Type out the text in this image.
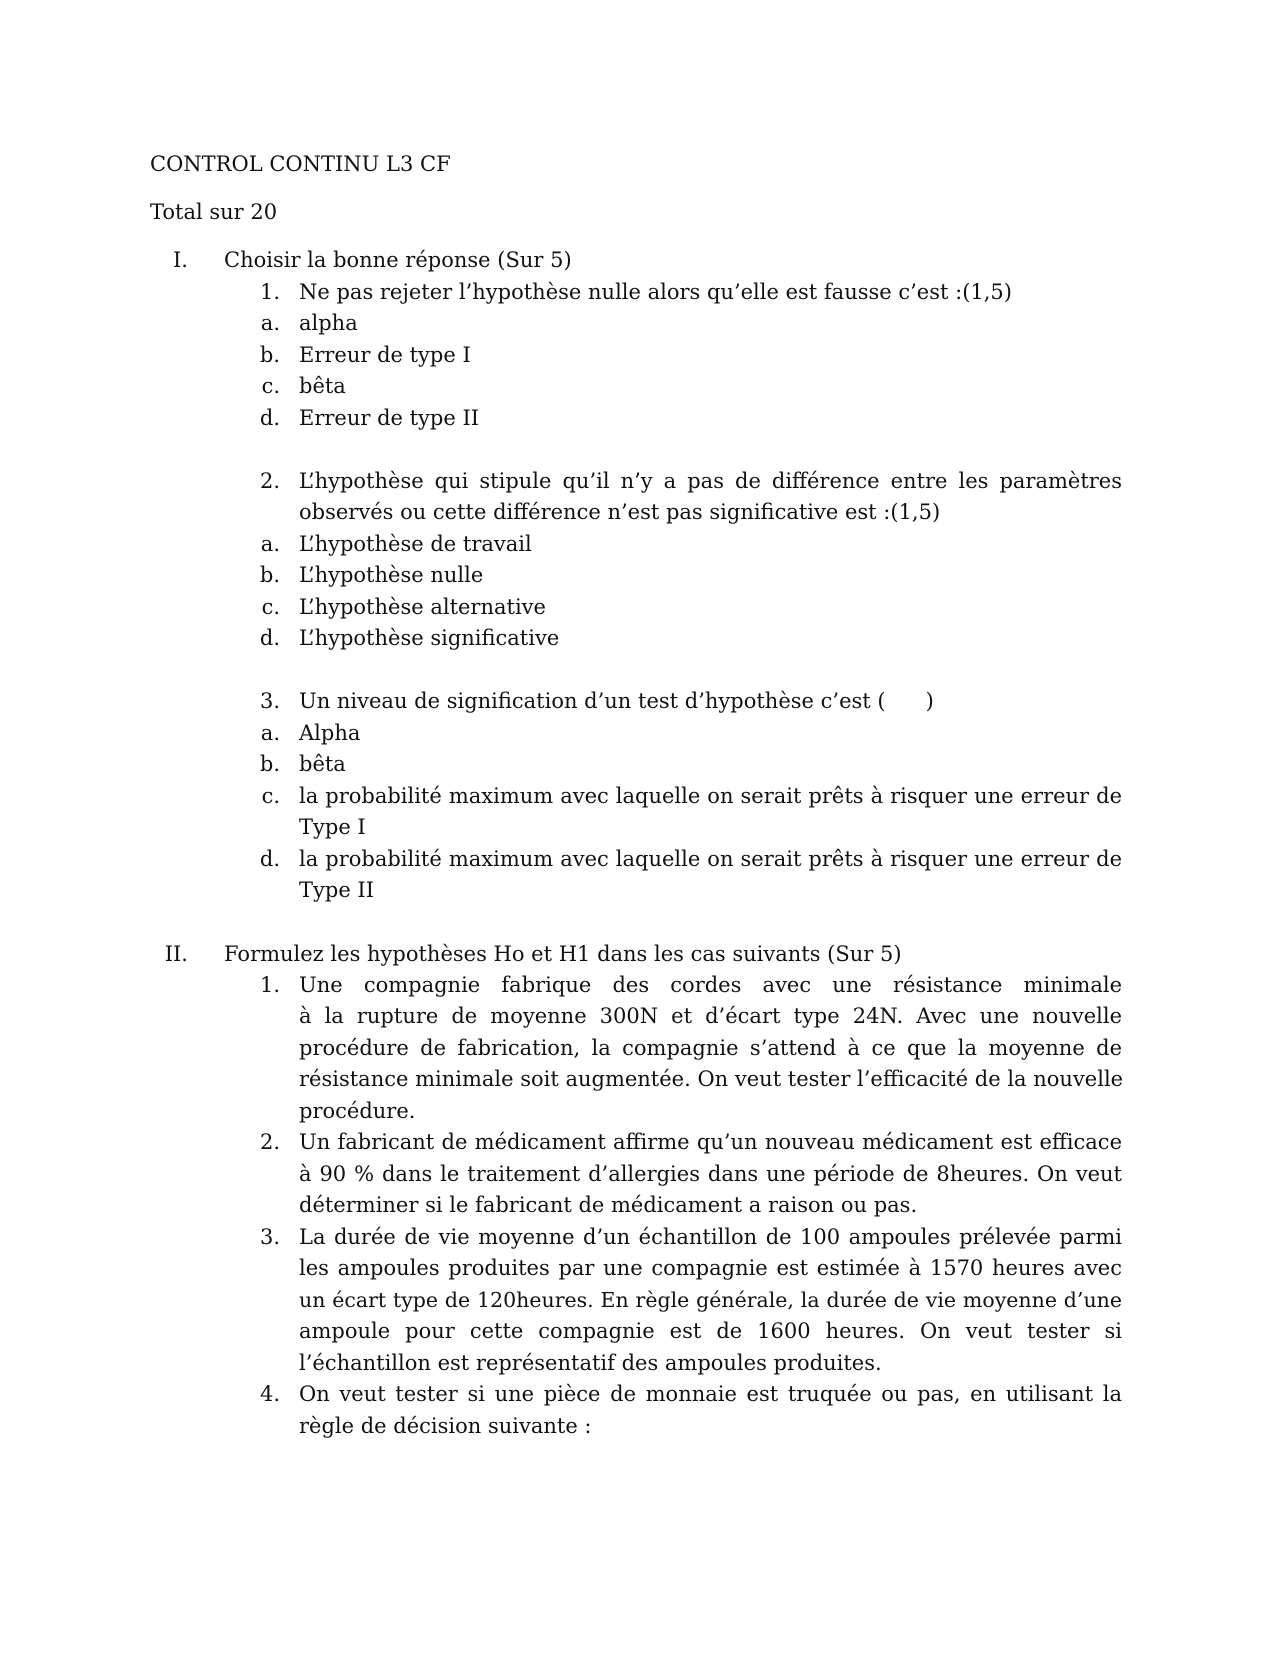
CONTROL CONTINU L3 CF
Total sur 20
I. Choisir la bonne réponse (Sur 5)
1. Ne pas rejeter l’hypothèse nulle alors qu’elle est fausse c’est :(1,5)
a. alpha
b. Erreur de type I
c. bêta
d. Erreur de type II
2. L’hypothèse qui stipule qu’il n’y a pas de différence entre les paramètres
observés ou cette différence n’est pas significative est :(1,5)
a. L’hypothèse de travail
b. L’hypothèse nulle
c. L’hypothèse alternative
d. L’hypothèse significative
3. Un niveau de signification d’un test d’hypothèse c’est (      )
a. Alpha
b. bêta
c. la probabilité maximum avec laquelle on serait prêts à risquer une erreur de
Type I
d. la probabilité maximum avec laquelle on serait prêts à risquer une erreur de
Type II
II. Formulez les hypothèses Ho et H1 dans les cas suivants (Sur 5)
1. Une compagnie fabrique des cordes avec une résistance minimale
à la rupture de moyenne 300N et d’écart type 24N. Avec une nouvelle
procédure de fabrication, la compagnie s’attend à ce que la moyenne de
résistance minimale soit augmentée. On veut tester l’efficacité de la nouvelle
procédure.
2. Un fabricant de médicament affirme qu’un nouveau médicament est efficace
à 90 % dans le traitement d’allergies dans une période de 8heures. On veut
déterminer si le fabricant de médicament a raison ou pas.
3. La durée de vie moyenne d’un échantillon de 100 ampoules prélevée parmi
les ampoules produites par une compagnie est estimée à 1570 heures avec
un écart type de 120heures. En règle générale, la durée de vie moyenne d’une
ampoule pour cette compagnie est de 1600 heures. On veut tester si
l’échantillon est représentatif des ampoules produites.
4. On veut tester si une pièce de monnaie est truquée ou pas, en utilisant la
règle de décision suivante :
